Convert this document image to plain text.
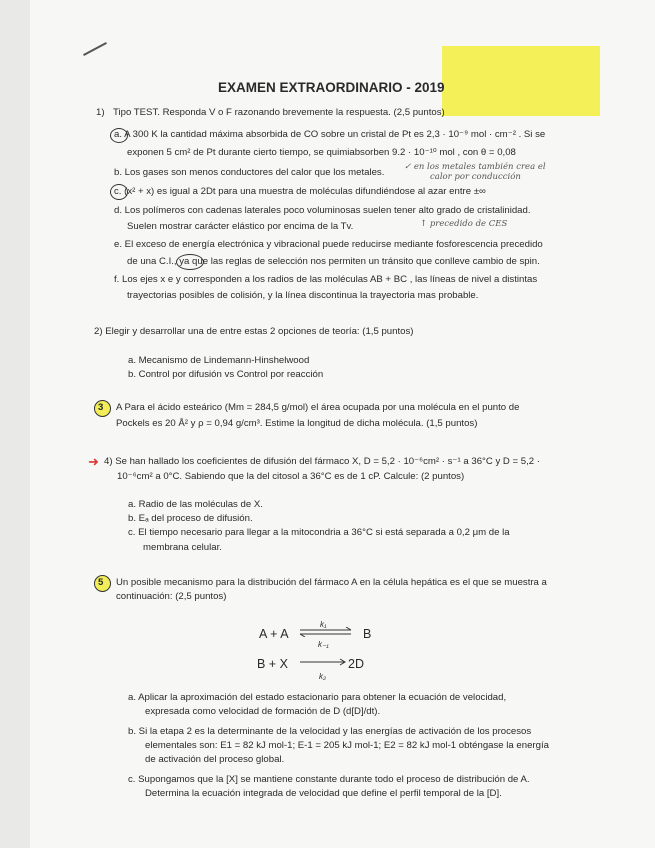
EXAMEN EXTRAORDINARIO - 2019
1) Tipo TEST. Responda V o F razonando brevemente la respuesta. (2,5 puntos)
a. A 300 K la cantidad máxima absorbida de CO sobre un cristal de Pt es 2,3 · 10⁻⁹ mol · cm⁻² . Si se
exponen 5 cm² de Pt durante cierto tiempo, se quimiabsorben 9.2 · 10⁻¹⁰ mol , con θ = 0,08
b. Los gases son menos conductores del calor que los metales. ✓ en los metales también crea el
calor por conducción
c. (x² + x) es igual a 2Dt para una muestra de moléculas difundiéndose al azar entre ±∞
d. Los polímeros con cadenas laterales poco voluminosas suelen tener alto grado de cristalinidad.
Suelen mostrar carácter elástico por encima de la Tv.	↑ precedido de CES
e. El exceso de energía electrónica y vibracional puede reducirse mediante fosforescencia precedido
de una C.I., ya que las reglas de selección nos permiten un tránsito que conlleve cambio de spin.
f. Los ejes x e y corresponden a los radios de las moléculas AB + BC , las líneas de nivel a distintas
trayectorias posibles de colisión, y la línea discontinua la trayectoria mas probable.
2) Elegir y desarrollar una de entre estas 2 opciones de teoría: (1,5 puntos)
a. Mecanismo de Lindemann-Hinshelwood
b. Control por difusión vs Control por reacción
3 A Para el ácido esteárico (Mm = 284,5 g/mol) el área ocupada por una molécula en el punto de
Pockels es 20 Å² y ρ = 0,94 g/cm³. Estime la longitud de dicha molécula. (1,5 puntos)
➜ 4) Se han hallado los coeficientes de difusión del fármaco X, D = 5,2 · 10⁻⁶cm² · s⁻¹ a 36°C y D = 5,2 ·
10⁻⁶cm² a 0°C. Sabiendo que la del citosol a 36°C es de 1 cP. Calcule: (2 puntos)
a. Radio de las moléculas de X.
b. Eₐ del proceso de difusión.
c. El tiempo necesario para llegar a la mitocondria a 36°C si está separada a 0,2 μm de la
membrana celular.
5 Un posible mecanismo para la distribución del fármaco A en la célula hepática es el que se muestra a
continuación: (2,5 puntos)
A + A
k₁
k₋₁
B
B + X	2D
k₂
a. Aplicar la aproximación del estado estacionario para obtener la ecuación de velocidad,
expresada como velocidad de formación de D (d[D]/dt).
b. Si la etapa 2 es la determinante de la velocidad y las energías de activación de los procesos
elementales son: E1 = 82 kJ mol-1; E-1 = 205 kJ mol-1; E2 = 82 kJ mol-1 obténgase la energía
de activación del proceso global.
c. Supongamos que la [X] se mantiene constante durante todo el proceso de distribución de A.
Determina la ecuación integrada de velocidad que define el perfil temporal de la [D].
